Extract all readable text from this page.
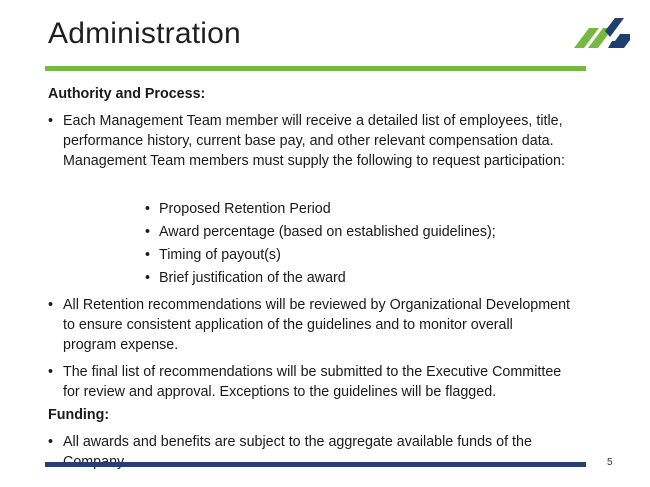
Administration
Authority and Process:
• Each Management Team member will receive a detailed list of employees, title,
performance history, current base pay, and other relevant compensation data.
Management Team members must supply the following to request participation:
• Proposed Retention Period
• Award percentage (based on established guidelines);
• Timing of payout(s)
• Brief justification of the award
• All Retention recommendations will be reviewed by Organizational Development
to ensure consistent application of the guidelines and to monitor overall
program expense.
• The final list of recommendations will be submitted to the Executive Committee
for review and approval. Exceptions to the guidelines will be flagged.
Funding:
• All awards and benefits are subject to the aggregate available funds of the
5
